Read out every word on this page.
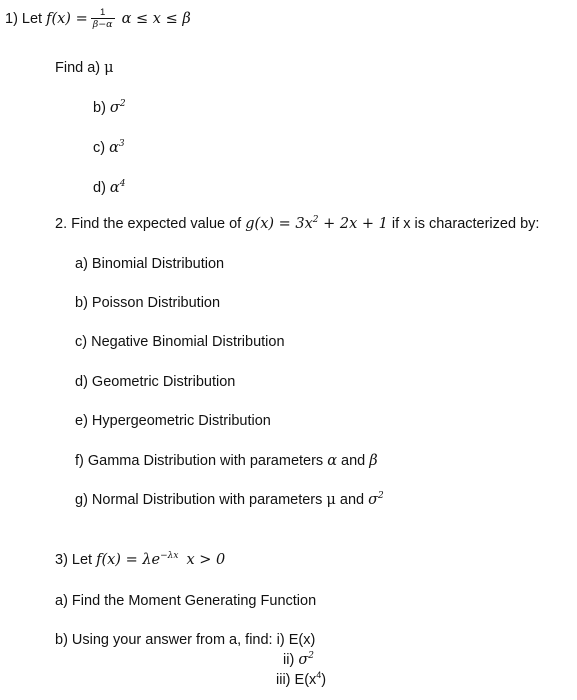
1) Let $f(x) = \frac{1}{\beta-\alpha}$ α ≤ x ≤ β
Find a) μ
b) $\sigma^2$
c) $\alpha^3$
d) $\alpha^4$
2. Find the expected value of $g(x) = 3x^2 + 2x + 1$ if x is characterized by:
a) Binomial Distribution
b) Poisson Distribution
c) Negative Binomial Distribution
d) Geometric Distribution
e) Hypergeometric Distribution
f) Gamma Distribution with parameters α and β
g) Normal Distribution with parameters μ and $\sigma^2$
3) Let $f(x) = \lambda e^{-\lambda x}$ x > 0
a) Find the Moment Generating Function
b) Using your answer from a, find: i) E(x)
ii) $\sigma^2$
iii) $E(x^4)$
